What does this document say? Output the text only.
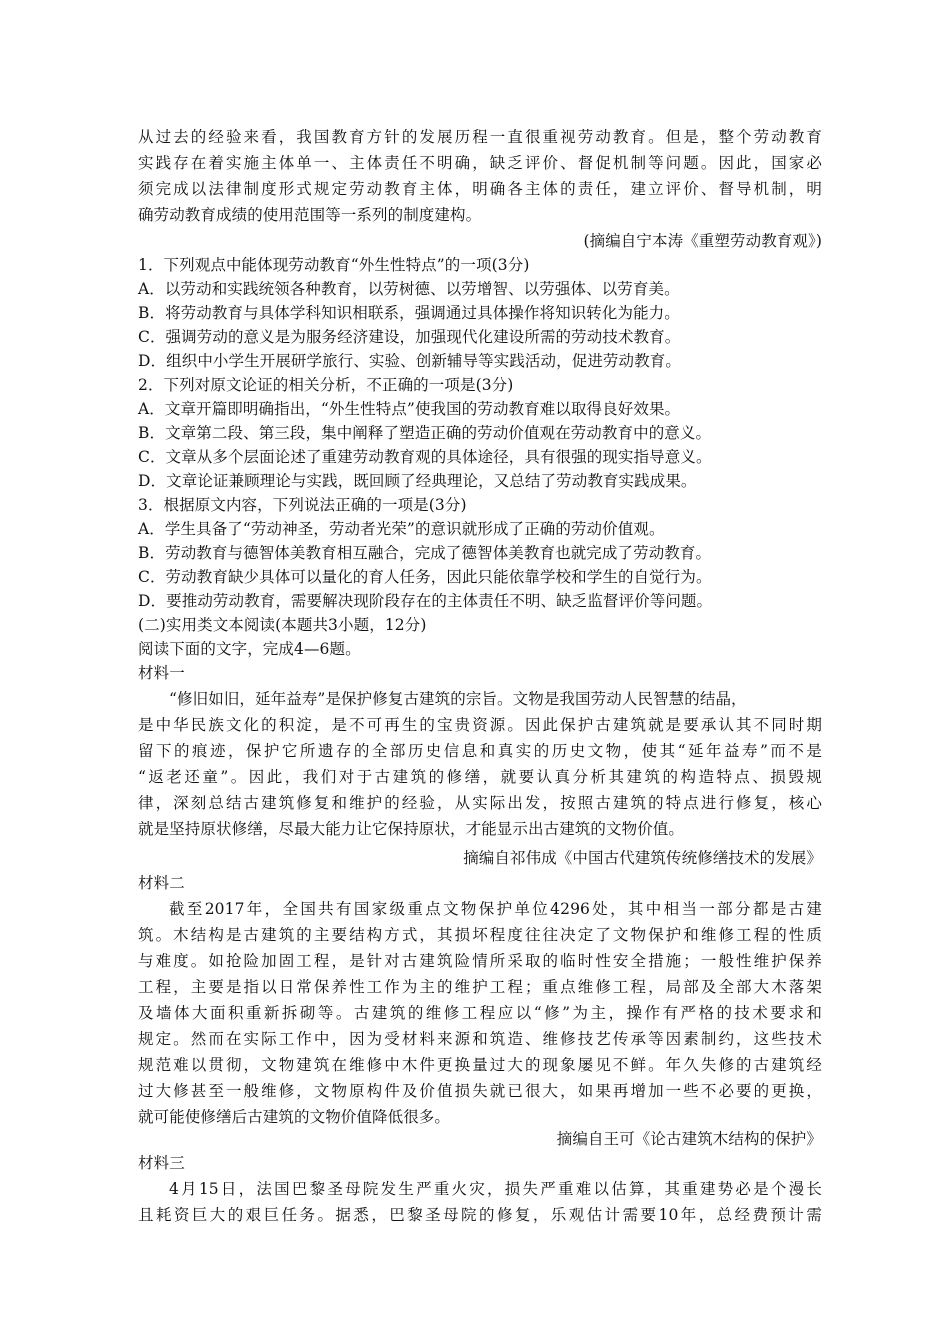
从过去的经验来看，我国教育方针的发展历程一直很重视劳动教育。但是，整个劳动教育
实践存在着实施主体单一、主体责任不明确，缺乏评价、督促机制等问题。因此，国家必
须完成以法律制度形式规定劳动教育主体，明确各主体的责任，建立评价、督导机制，明
确劳动教育成绩的使用范围等一系列的制度建构。
(摘编自宁本涛《重塑劳动教育观》)
1．下列观点中能体现劳动教育“外生性特点”的一项(3分)
A．以劳动和实践统领各种教育，以劳树德、以劳增智、以劳强体、以劳育美。
B．将劳动教育与具体学科知识相联系，强调通过具体操作将知识转化为能力。
C．强调劳动的意义是为服务经济建设，加强现代化建设所需的劳动技术教育。
D．组织中小学生开展研学旅行、实验、创新辅导等实践活动，促进劳动教育。
2．下列对原文论证的相关分析，不正确的一项是(3分)
A．文章开篇即明确指出，“外生性特点”使我国的劳动教育难以取得良好效果。
B．文章第二段、第三段，集中阐释了塑造正确的劳动价值观在劳动教育中的意义。
C．文章从多个层面论述了重建劳动教育观的具体途径，具有很强的现实指导意义。
D．文章论证兼顾理论与实践，既回顾了经典理论，又总结了劳动教育实践成果。
3．根据原文内容，下列说法正确的一项是(3分)
A．学生具备了“劳动神圣，劳动者光荣”的意识就形成了正确的劳动价值观。
B．劳动教育与德智体美教育相互融合，完成了德智体美教育也就完成了劳动教育。
C．劳动教育缺少具体可以量化的育人任务，因此只能依靠学校和学生的自觉行为。
D．要推动劳动教育，需要解决现阶段存在的主体责任不明、缺乏监督评价等问题。
(二)实用类文本阅读(本题共3小题，12分)
阅读下面的文字，完成4—6题。
材料一
“修旧如旧，延年益寿”是保护修复古建筑的宗旨。文物是我国劳动人民智慧的结晶，
是中华民族文化的积淀，是不可再生的宝贵资源。因此保护古建筑就是要承认其不同时期
留下的痕迹，保护它所遗存的全部历史信息和真实的历史文物，使其“延年益寿”而不是
“返老还童”。因此，我们对于古建筑的修缮，就要认真分析其建筑的构造特点、损毁规
律，深刻总结古建筑修复和维护的经验，从实际出发，按照古建筑的特点进行修复，核心
就是坚持原状修缮，尽最大能力让它保持原状，才能显示出古建筑的文物价值。
摘编自祁伟成《中国古代建筑传统修缮技术的发展》
材料二
截至2017年，全国共有国家级重点文物保护单位4296处，其中相当一部分都是古建
筑。木结构是古建筑的主要结构方式，其损坏程度往往决定了文物保护和维修工程的性质
与难度。如抢险加固工程，是针对古建筑险情所采取的临时性安全措施；一般性维护保养
工程，主要是指以日常保养性工作为主的维护工程；重点维修工程，局部及全部大木落架
及墙体大面积重新拆砌等。古建筑的维修工程应以“修”为主，操作有严格的技术要求和
规定。然而在实际工作中，因为受材料来源和筑造、维修技艺传承等因素制约，这些技术
规范难以贯彻，文物建筑在维修中木件更换量过大的现象屡见不鲜。年久失修的古建筑经
过大修甚至一般维修，文物原构件及价值损失就已很大，如果再增加一些不必要的更换，
就可能使修缮后古建筑的文物价值降低很多。
摘编自王可《论古建筑木结构的保护》
材料三
4月15日，法国巴黎圣母院发生严重火灾，损失严重难以估算，其重建势必是个漫长
且耗资巨大的艰巨任务。据悉，巴黎圣母院的修复，乐观估计需要10年，总经费预计需
